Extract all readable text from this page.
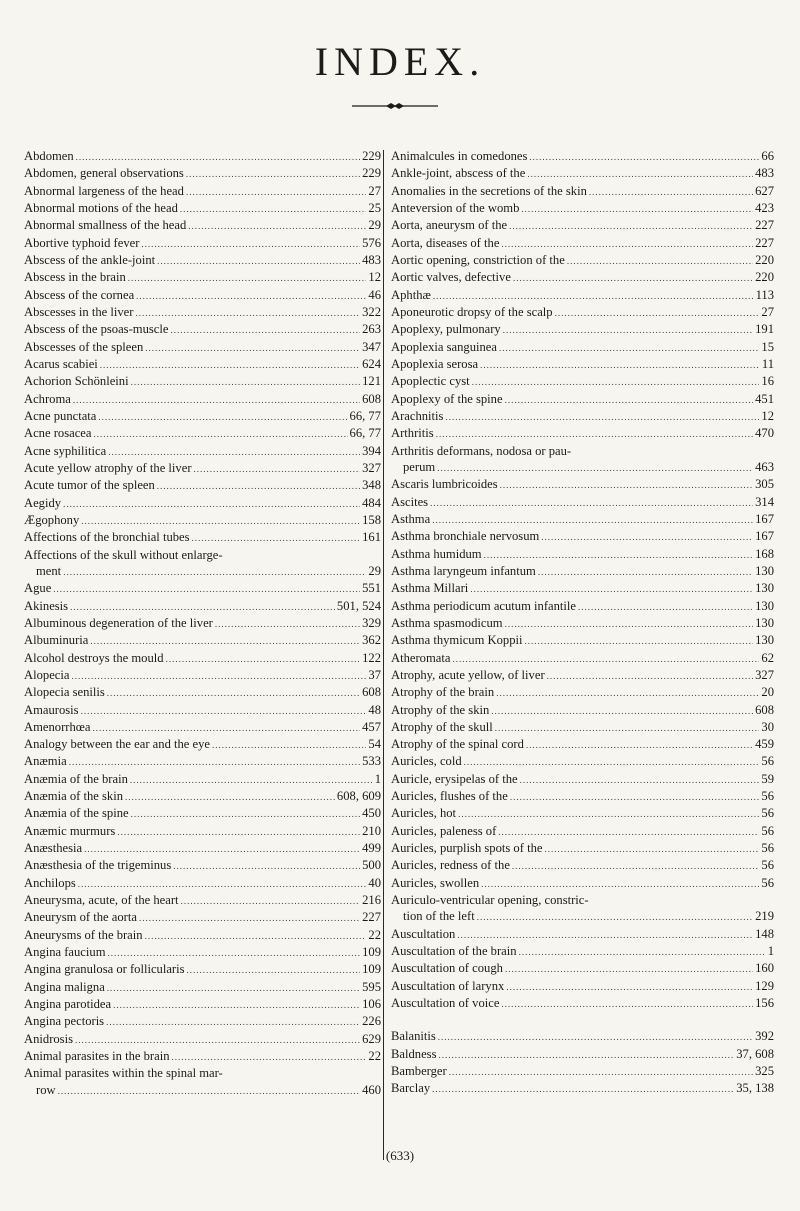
INDEX.
Abdomen .....	229
Abdomen, general observations .....	229
Abnormal largeness of the head .....	27
Abnormal motions of the head .....	25
Abnormal smallness of the head .....	29
Abortive typhoid fever .....	576
Abscess of the ankle-joint .....	483
Abscess in the brain .....	12
Abscess of the cornea .....	46
Abscesses in the liver .....	322
Abscess of the psoas-muscle .....	263
Abscesses of the spleen .....	347
Acarus scabiei .....	624
Achorion Schönleini .....	121
Achroma .....	608
Acne punctata .....	66, 77
Acne rosacea .....	66, 77
Acne syphilitica .....	394
Acute yellow atrophy of the liver .....	327
Acute tumor of the spleen .....	348
Aegidy .....	484
Ægophony .....	158
Affections of the bronchial tubes .....	161
Affections of the skull without enlarge-
ment .....	29
Ague .....	551
Akinesis .....	501, 524
Albuminous degeneration of the liver .....	329
Albuminuria .....	362
Alcohol destroys the mould .....	122
Alopecia .....	37
Alopecia senilis .....	608
Amaurosis .....	48
Amenorrhœa .....	457
Analogy between the ear and the eye .....	54
Anæmia .....	533
Anæmia of the brain .....	1
Anæmia of the skin .....	608, 609
Anæmia of the spine .....	450
Anæmic murmurs .....	210
Anæsthesia .....	499
Anæsthesia of the trigeminus .....	500
Anchilops .....	40
Aneurysma, acute, of the heart .....	216
Aneurysm of the aorta .....	227
Aneurysms of the brain .....	22
Angina faucium .....	109
Angina granulosa or follicularis .....	109
Angina maligna .....	595
Angina parotidea .....	106
Angina pectoris .....	226
Anidrosis .....	629
Animal parasites in the brain .....	22
Animal parasites within the spinal mar-
row .....	460
Animalcules in comedones .....	66
Ankle-joint, abscess of the .....	483
Anomalies in the secretions of the skin .....	627
Anteversion of the womb .....	423
Aorta, aneurysm of the .....	227
Aorta, diseases of the .....	227
Aortic opening, constriction of the .....	220
Aortic valves, defective .....	220
Aphthæ .....	113
Aponeurotic dropsy of the scalp .....	27
Apoplexy, pulmonary .....	191
Apoplexia sanguinea .....	15
Apoplexia serosa .....	11
Apoplectic cyst .....	16
Apoplexy of the spine .....	451
Arachnitis .....	12
Arthritis .....	470
Arthritis deformans, nodosa or pau-
perum .....	463
Ascaris lumbricoides .....	305
Ascites .....	314
Asthma .....	167
Asthma bronchiale nervosum .....	167
Asthma humidum .....	168
Asthma laryngeum infantum .....	130
Asthma Millari .....	130
Asthma periodicum acutum infantile .....	130
Asthma spasmodicum .....	130
Asthma thymicum Koppii .....	130
Atheromata .....	62
Atrophy, acute yellow, of liver .....	327
Atrophy of the brain .....	20
Atrophy of the skin .....	608
Atrophy of the skull .....	30
Atrophy of the spinal cord .....	459
Auricles, cold .....	56
Auricle, erysipelas of the .....	59
Auricles, flushes of the .....	56
Auricles, hot .....	56
Auricles, paleness of .....	56
Auricles, purplish spots of the .....	56
Auricles, redness of the .....	56
Auricles, swollen .....	56
Auriculo-ventricular opening, constric-
tion of the left .....	219
Auscultation .....	148
Auscultation of the brain .....	1
Auscultation of cough .....	160
Auscultation of larynx .....	129
Auscultation of voice .....	156
Balanitis .....	392
Baldness .....	37, 608
Bamberger .....	325
Barclay .....	35, 138
(633)
